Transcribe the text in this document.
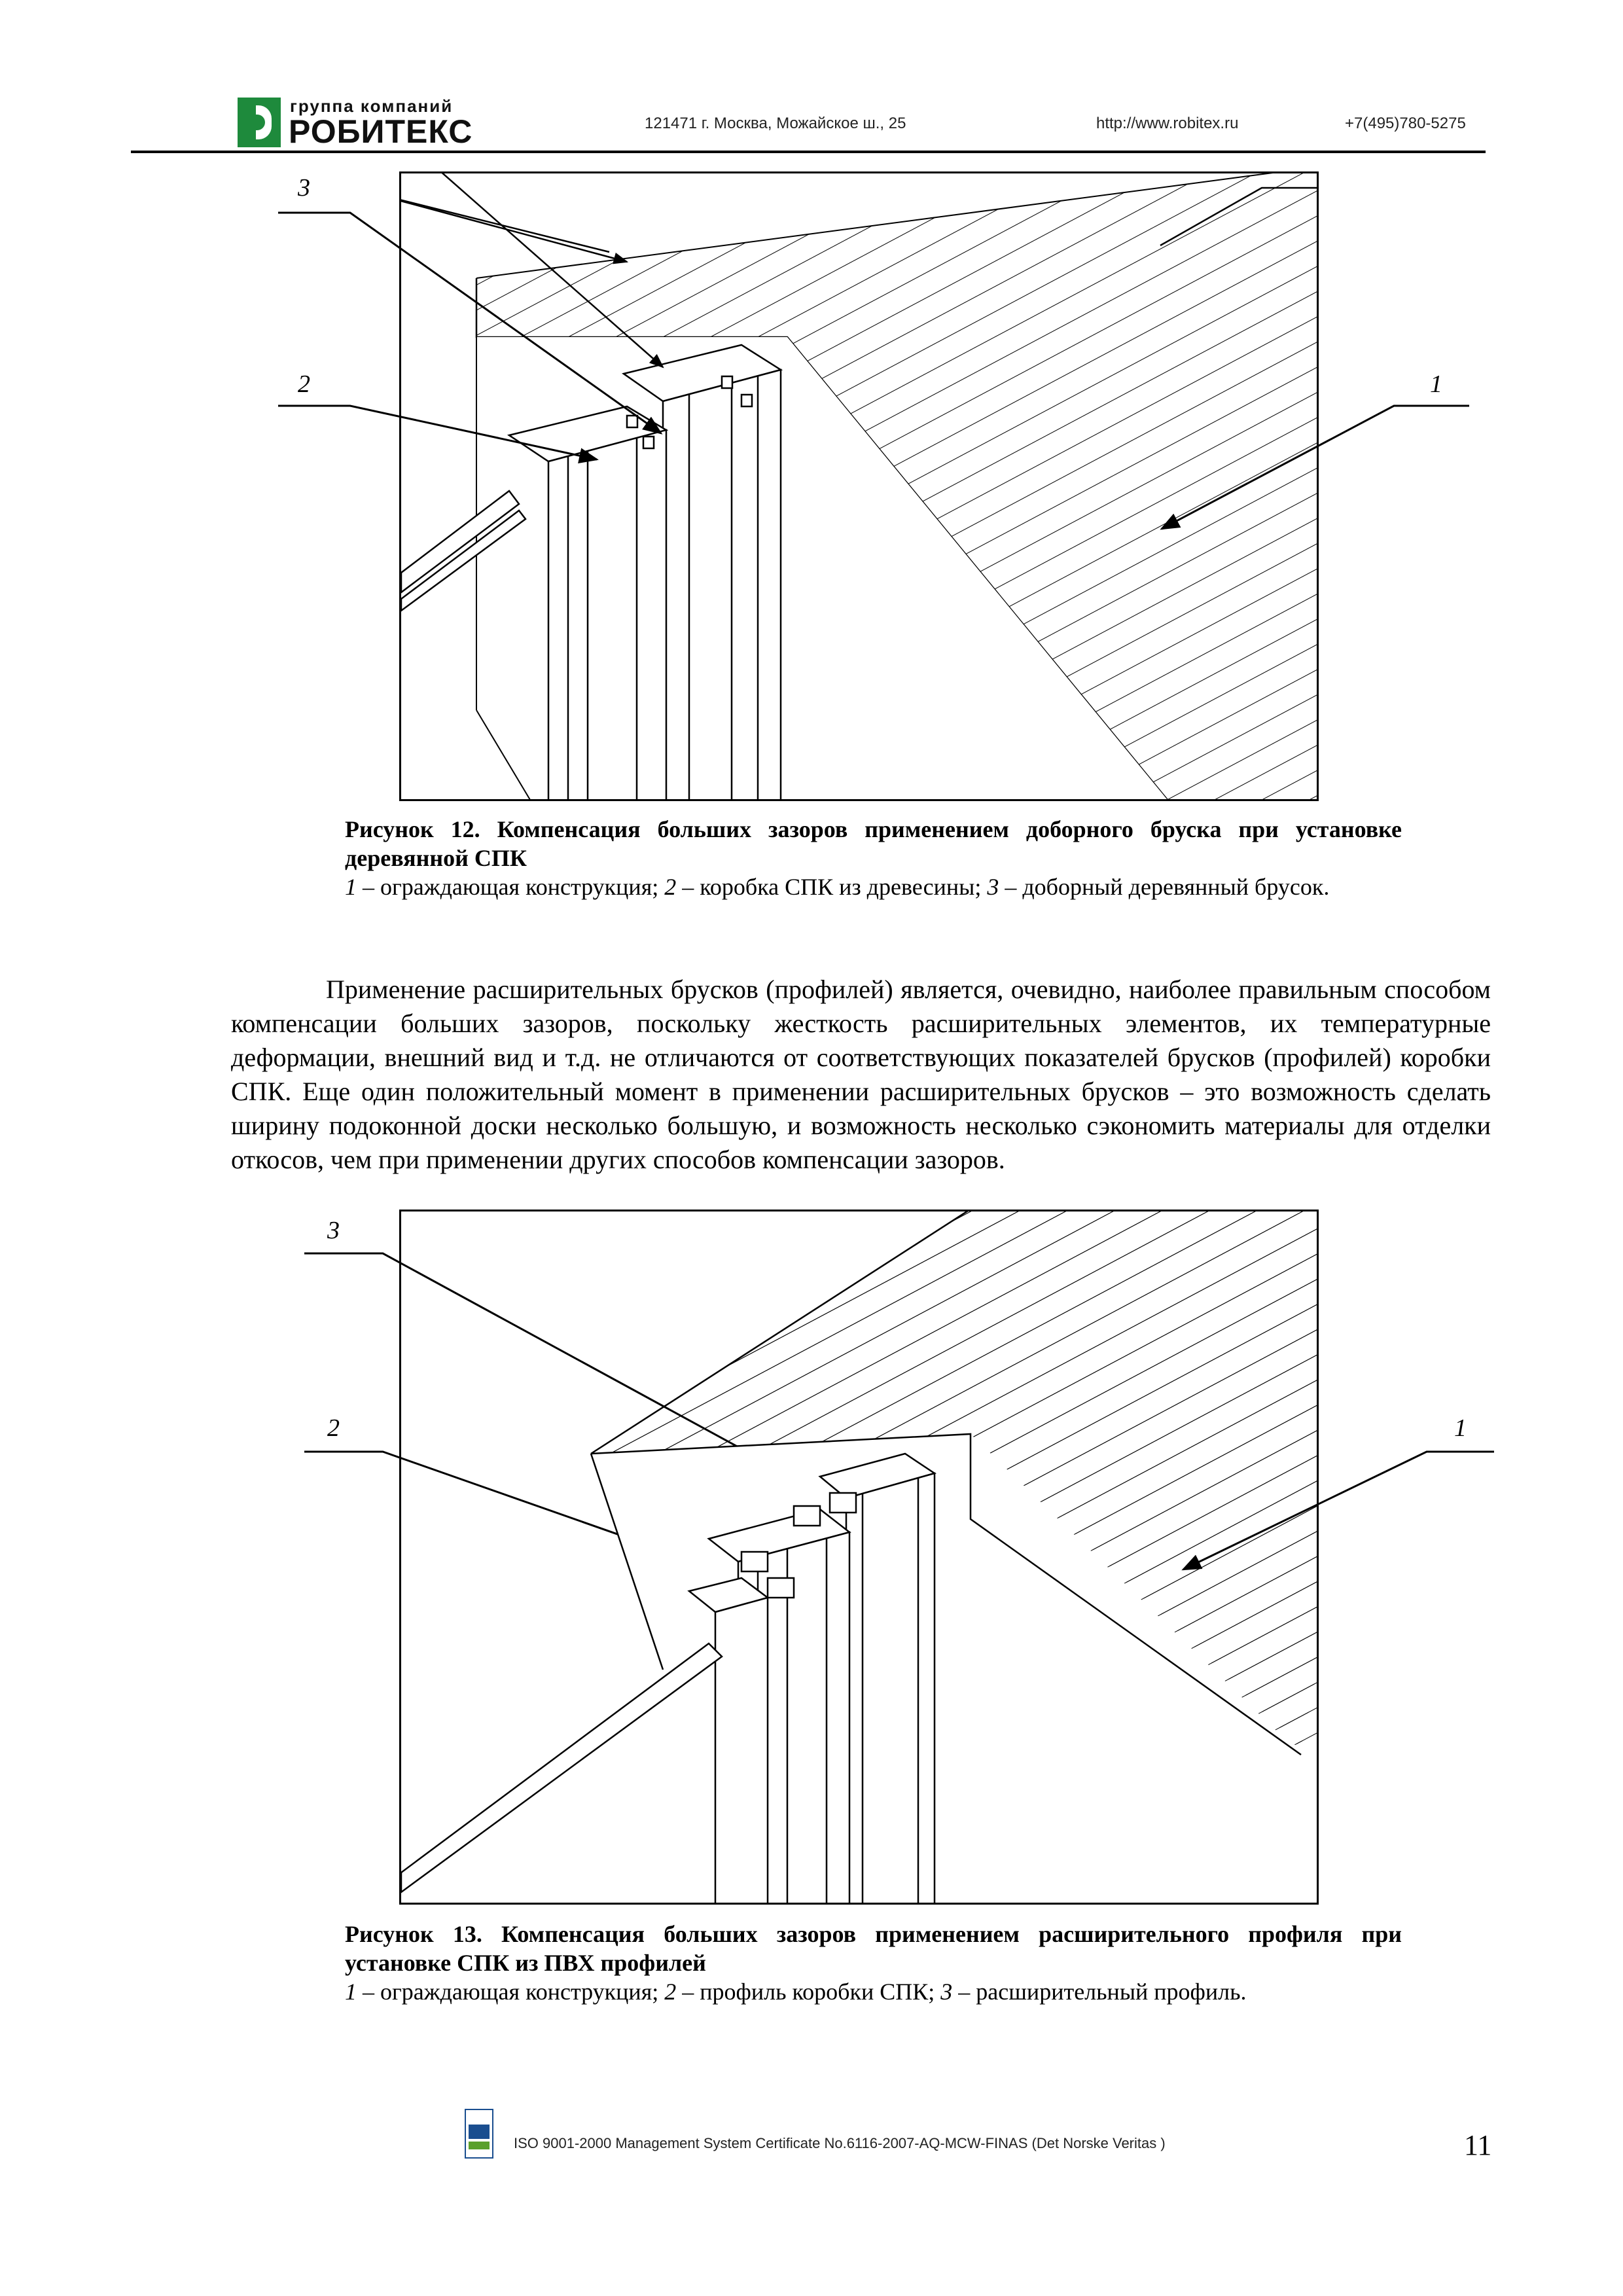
группа компаний
РОБИТЕКС	121471 г. Москва, Можайское ш., 25	http://www.robitex.ru	+7(495)780-5275
3
2	1
Рисунок 12. Компенсация больших зазоров применением доборного бруска при установке деревянной СПК
1 – ограждающая конструкция; 2 – коробка СПК из древесины; 3 – доборный деревянный брусок.
Применение расширительных брусков (профилей) является, очевидно, наиболее правильным способом компенсации больших зазоров, поскольку жесткость расширительных элементов, их температурные деформации, внешний вид и т.д. не отличаются от соответствующих показателей брусков (профилей) коробки СПК. Еще один положительный момент в применении расширительных брусков – это возможность сделать ширину подоконной доски несколько большую, и возможность несколько сэкономить материалы для отделки откосов, чем при применении других способов компенсации зазоров.
3
2	1
Рисунок 13. Компенсация больших зазоров применением расширительного профиля при установке СПК из ПВХ профилей
1 – ограждающая конструкция; 2 – профиль коробки СПК; 3 – расширительный профиль.
ISO 9001-2000 Management System Certificate No.6116-2007-AQ-MCW-FINAS (Det Norske Veritas )	11
